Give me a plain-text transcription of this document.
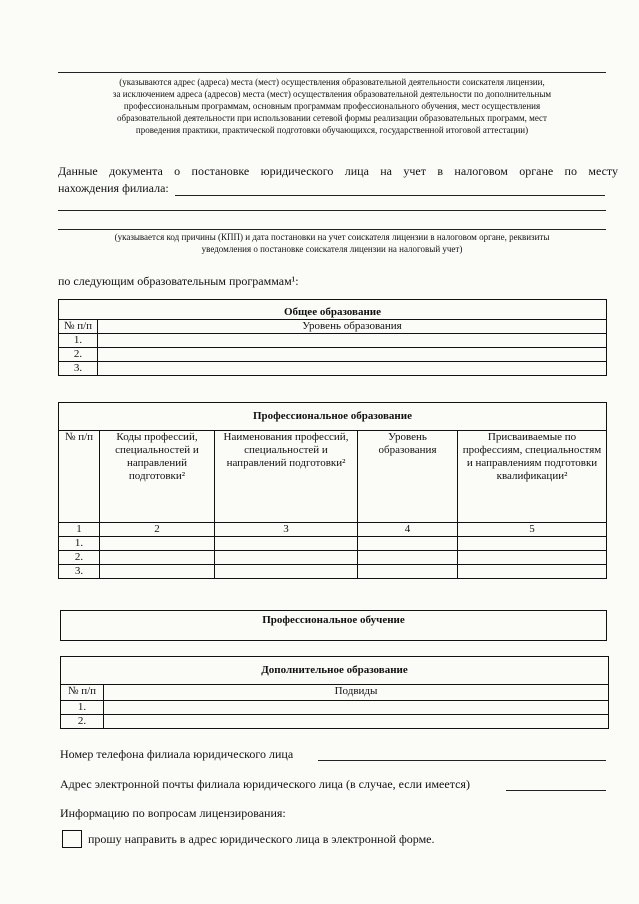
(указываются адрес (адреса) места (мест) осуществления образовательной деятельности соискателя лицензии,
за исключением адреса (адресов) места (мест) осуществления образовательной деятельности по дополнительным
профессиональным программам, основным программам профессионального обучения, мест осуществления
образовательной деятельности при использовании сетевой формы реализации образовательных программ, мест
проведения практики, практической подготовки обучающихся, государственной итоговой аттестации)
Данные документа о постановке юридического лица на учет в налоговом органе по месту
нахождения филиала:
(указывается код причины (КПП) и дата постановки на учет соискателя лицензии в налоговом органе, реквизиты
уведомления о постановке соискателя лицензии на налоговый учет)
по следующим образовательным программам¹:
Общее образование	
№ п/п	Уровень образования
1.	
2.	
3.	
Профессиональное образование				
№ п/п	Коды профессий, специальностей и направлений подготовки²	Наименования профессий, специальностей и направлений подготовки²	Уровень образования	Присваиваемые по профессиям, специальностям и направлениям подготовки квалификации²
1	2	3	4	5
1.				
2.				
3.				
Профессиональное обучение
Дополнительное образование	
№ п/п	Подвиды
1.	
2.	
Номер телефона филиала юридического лица
Адрес электронной почты филиала юридического лица (в случае, если имеется)
Информацию по вопросам лицензирования:
прошу направить в адрес юридического лица в электронной форме.
